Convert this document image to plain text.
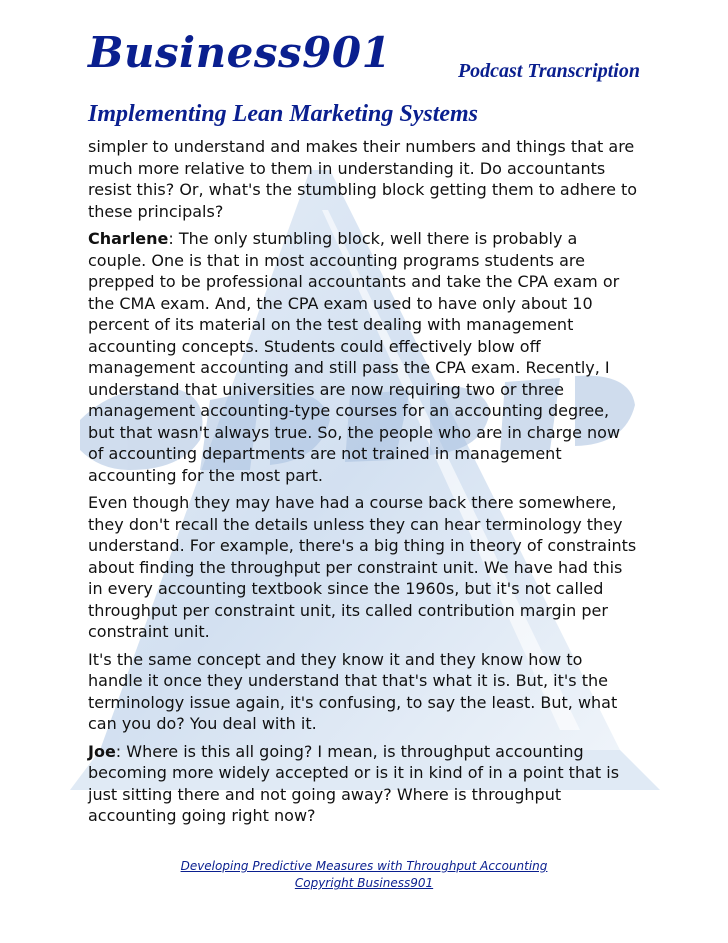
Business901	Podcast Transcription
Implementing Lean Marketing Systems

simpler to understand and makes their numbers and things that are much more relative to them in understanding it. Do accountants resist this? Or, what's the stumbling block getting them to adhere to these principals?

Charlene: The only stumbling block, well there is probably a couple. One is that in most accounting programs students are prepped to be professional accountants and take the CPA exam or the CMA exam. And, the CPA exam used to have only about 10 percent of its material on the test dealing with management accounting concepts. Students could effectively blow off management accounting and still pass the CPA exam. Recently, I understand that universities are now requiring two or three management accounting-type courses for an accounting degree, but that wasn't always true. So, the people who are in charge now of accounting departments are not trained in management accounting for the most part.

Even though they may have had a course back there somewhere, they don't recall the details unless they can hear terminology they understand. For example, there's a big thing in theory of constraints about finding the throughput per constraint unit. We have had this in every accounting textbook since the 1960s, but it's not called throughput per constraint unit, its called contribution margin per constraint unit.

It's the same concept and they know it and they know how to handle it once they understand that that's what it is. But, it's the terminology issue again, it's confusing, to say the least. But, what can you do? You deal with it.

Joe: Where is this all going? I mean, is throughput accounting becoming more widely accepted or is it in kind of in a point that is just sitting there and not going away? Where is throughput accounting going right now?

Developing Predictive Measures with Throughput Accounting
Copyright Business901
